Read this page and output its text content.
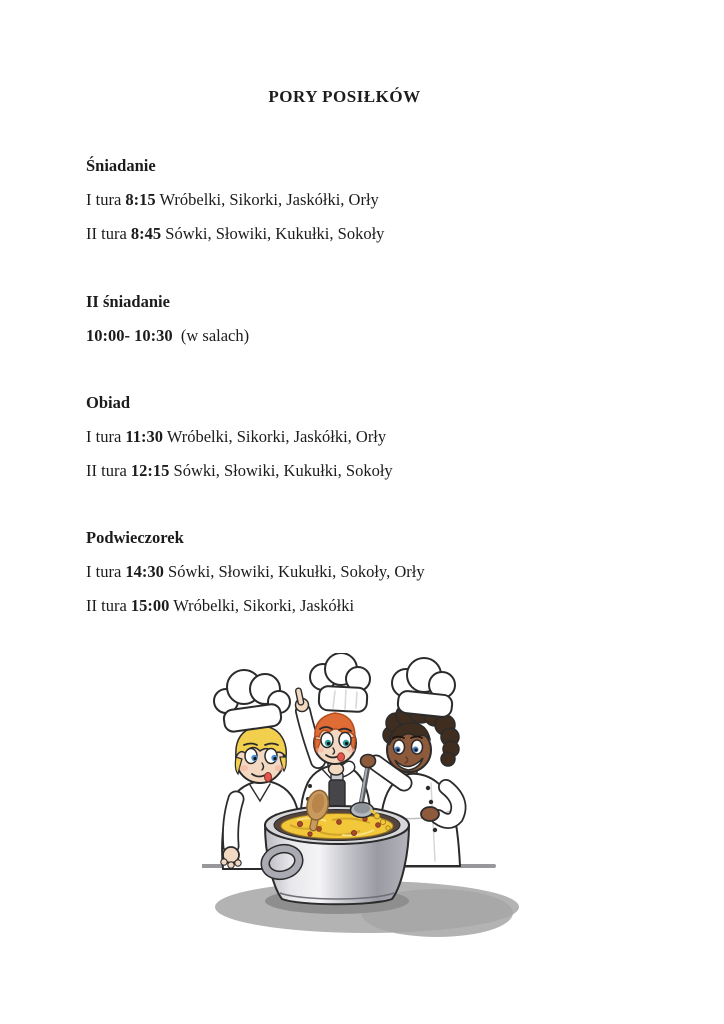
PORY POSIŁKÓW
Śniadanie

I tura 8:15 Wróbelki, Sikorki, Jaskółki, Orły

II tura 8:45 Sówki, Słowiki, Kukułki, Sokoły

II śniadanie

10:00- 10:30  (w salach)

Obiad

I tura 11:30 Wróbelki, Sikorki, Jaskółki, Orły

II tura 12:15 Sówki, Słowiki, Kukułki, Sokoły

Podwieczorek

I tura 14:30 Sówki, Słowiki, Kukułki, Sokoły, Orły

II tura 15:00 Wróbelki, Sikorki, Jaskółki
